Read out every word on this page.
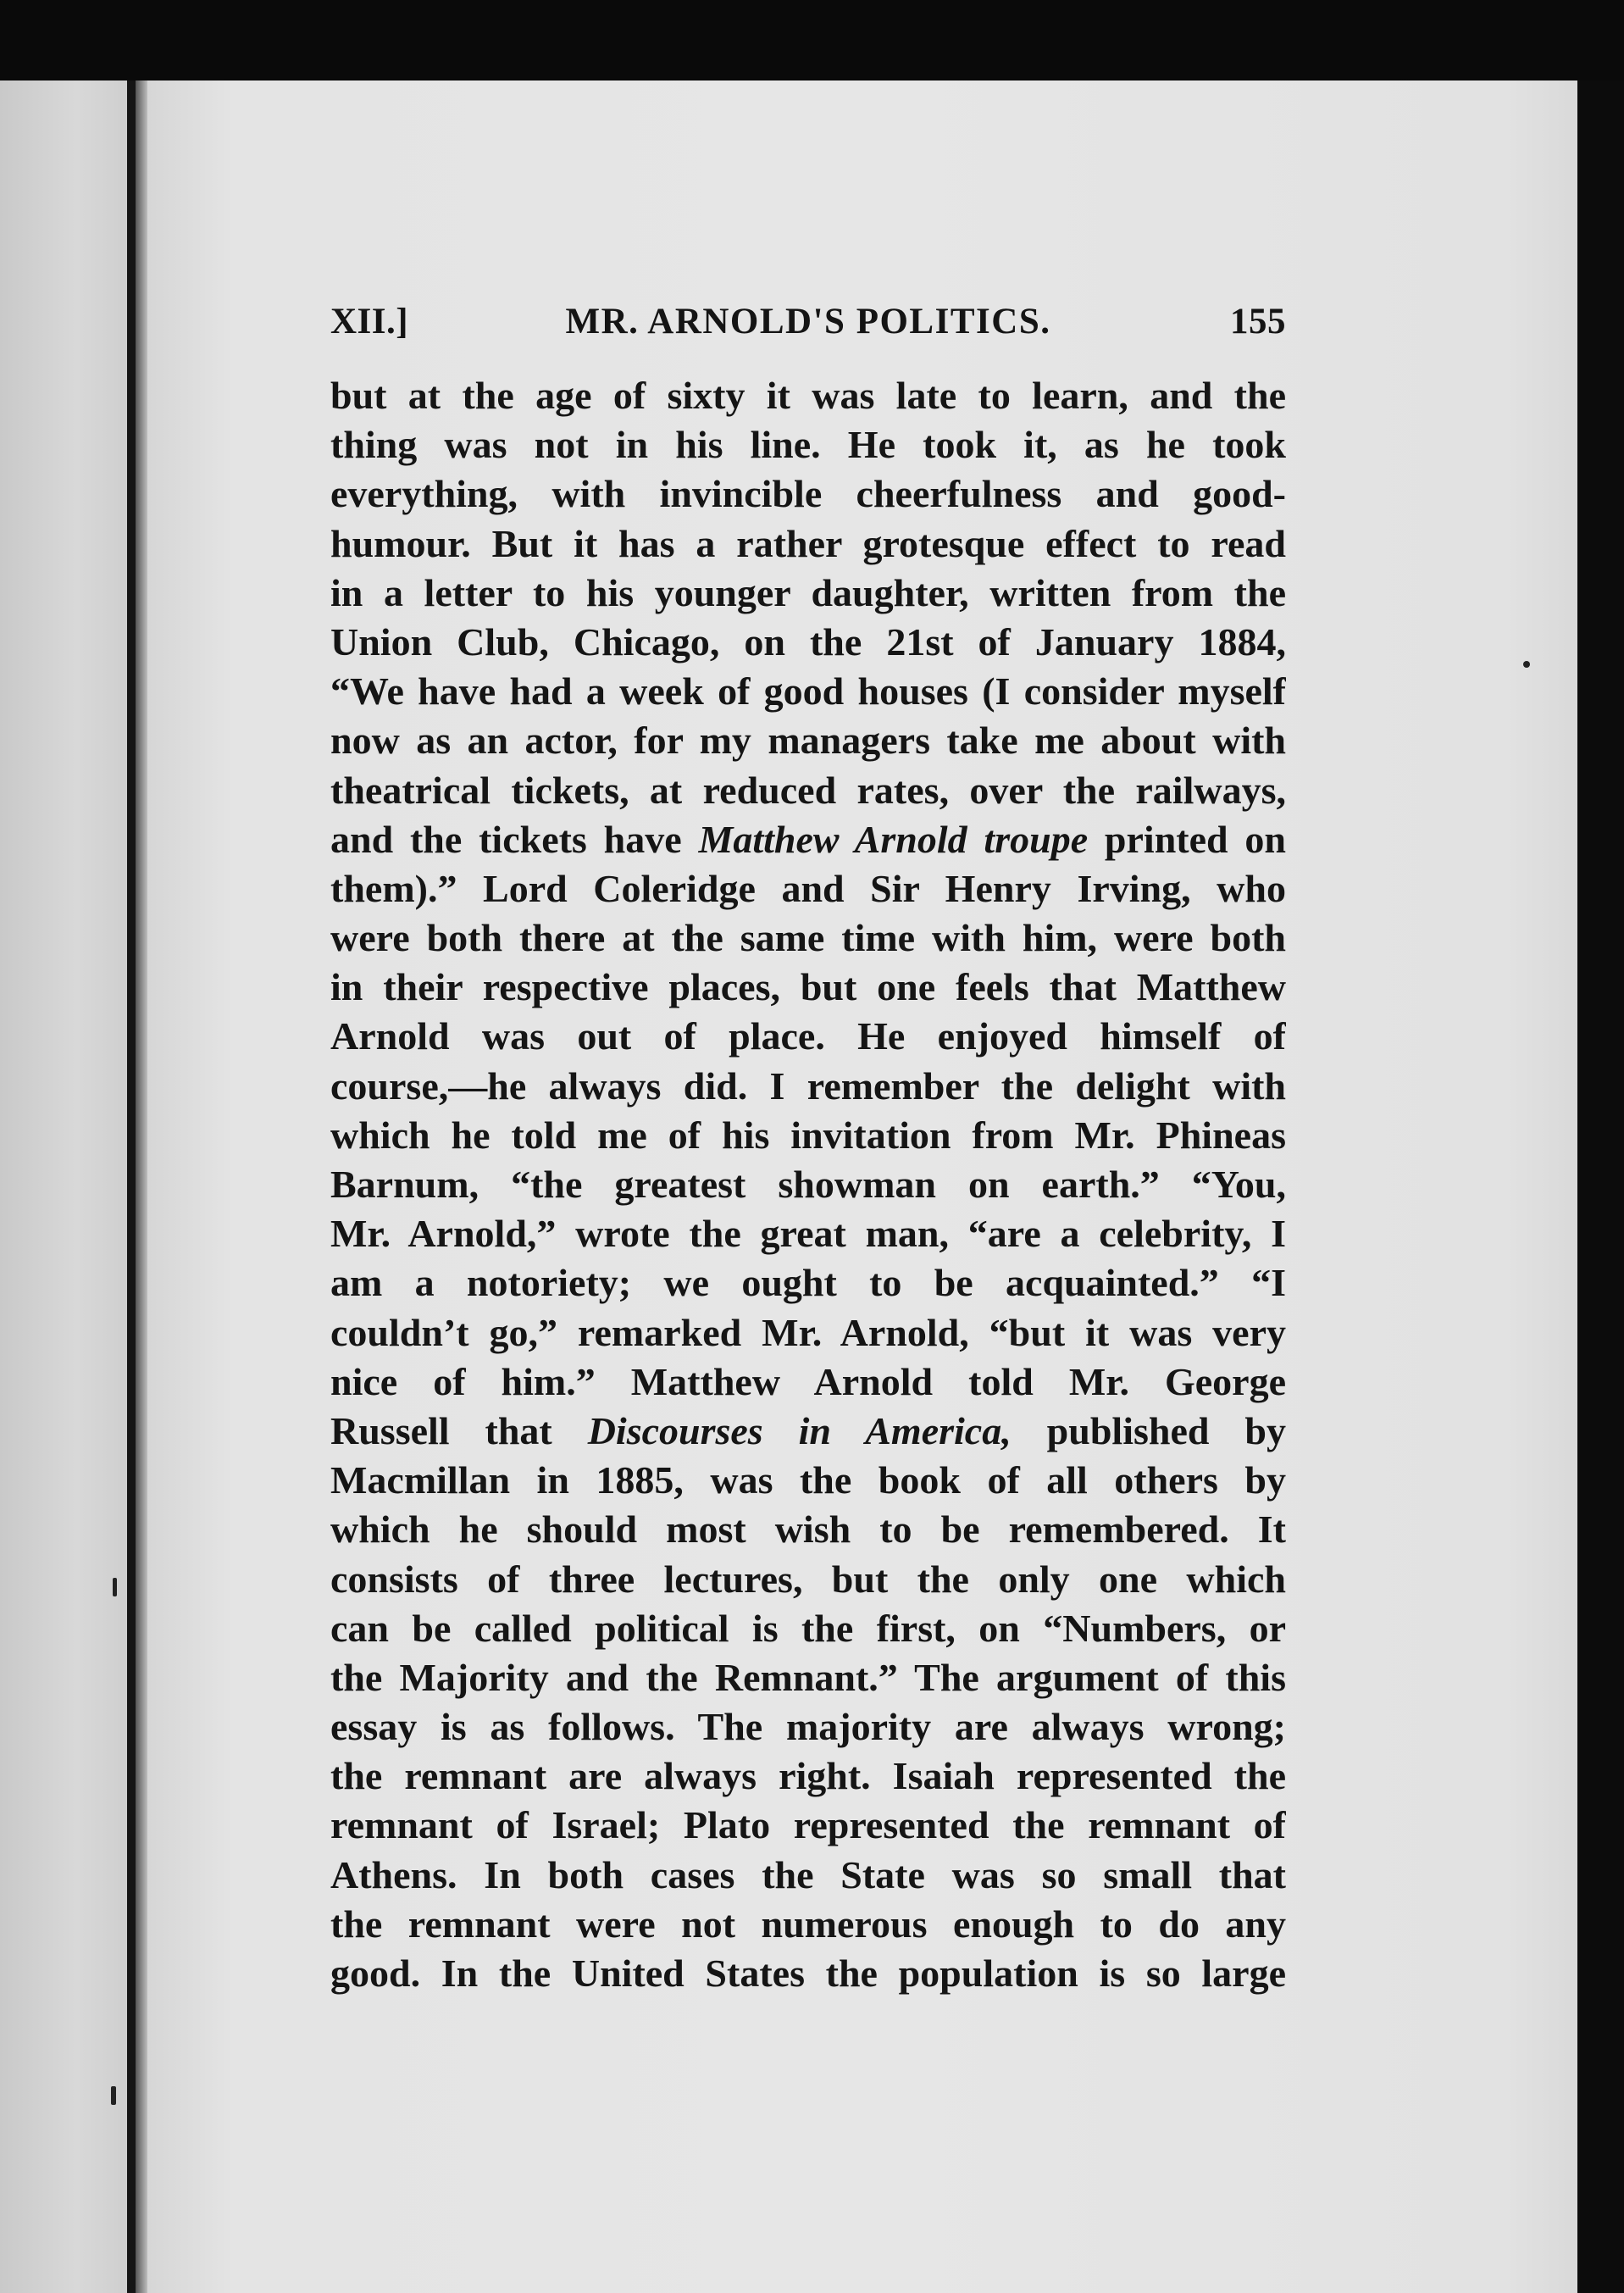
XII.]	MR. ARNOLD'S POLITICS.	155
but at the age of sixty it was late to learn, and the
thing was not in his line. He took it, as he took
everything, with invincible cheerfulness and good-
humour. But it has a rather grotesque effect to read
in a letter to his younger daughter, written from the
Union Club, Chicago, on the 21st of January 1884,
“We have had a week of good houses (I consider myself
now as an actor, for my managers take me about with
theatrical tickets, at reduced rates, over the railways,
and the tickets have Matthew Arnold troupe printed on
them).” Lord Coleridge and Sir Henry Irving, who
were both there at the same time with him, were both
in their respective places, but one feels that Matthew
Arnold was out of place. He enjoyed himself of
course,—he always did. I remember the delight with
which he told me of his invitation from Mr. Phineas
Barnum, “the greatest showman on earth.” “You,
Mr. Arnold,” wrote the great man, “are a celebrity, I
am a notoriety; we ought to be acquainted.” “I
couldn’t go,” remarked Mr. Arnold, “but it was very
nice of him.” Matthew Arnold told Mr. George
Russell that Discourses in America, published by
Macmillan in 1885, was the book of all others by
which he should most wish to be remembered. It
consists of three lectures, but the only one which
can be called political is the first, on “Numbers, or
the Majority and the Remnant.” The argument of this
essay is as follows. The majority are always wrong;
the remnant are always right. Isaiah represented the
remnant of Israel; Plato represented the remnant of
Athens. In both cases the State was so small that
the remnant were not numerous enough to do any
good. In the United States the population is so large
